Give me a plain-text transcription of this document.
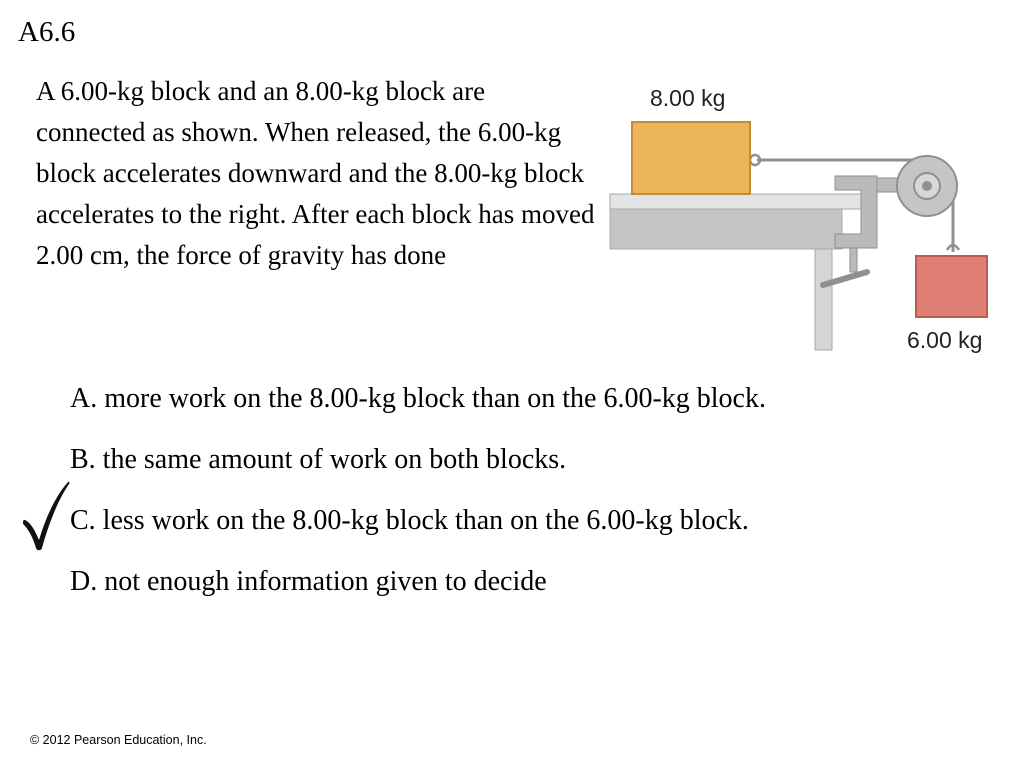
A6.6

A 6.00-kg block and an 8.00-kg block are connected as shown. When released, the 6.00-kg block accelerates downward and the 8.00-kg block accelerates to the right. After each block has moved 2.00 cm, the force of gravity has done

8.00 kg
6.00 kg
A. more work on the 8.00-kg block than on the 6.00-kg block.
B. the same amount of work on both blocks.
C. less work on the 8.00-kg block than on the 6.00-kg block.
D. not enough information given to decide
© 2012 Pearson Education, Inc.
